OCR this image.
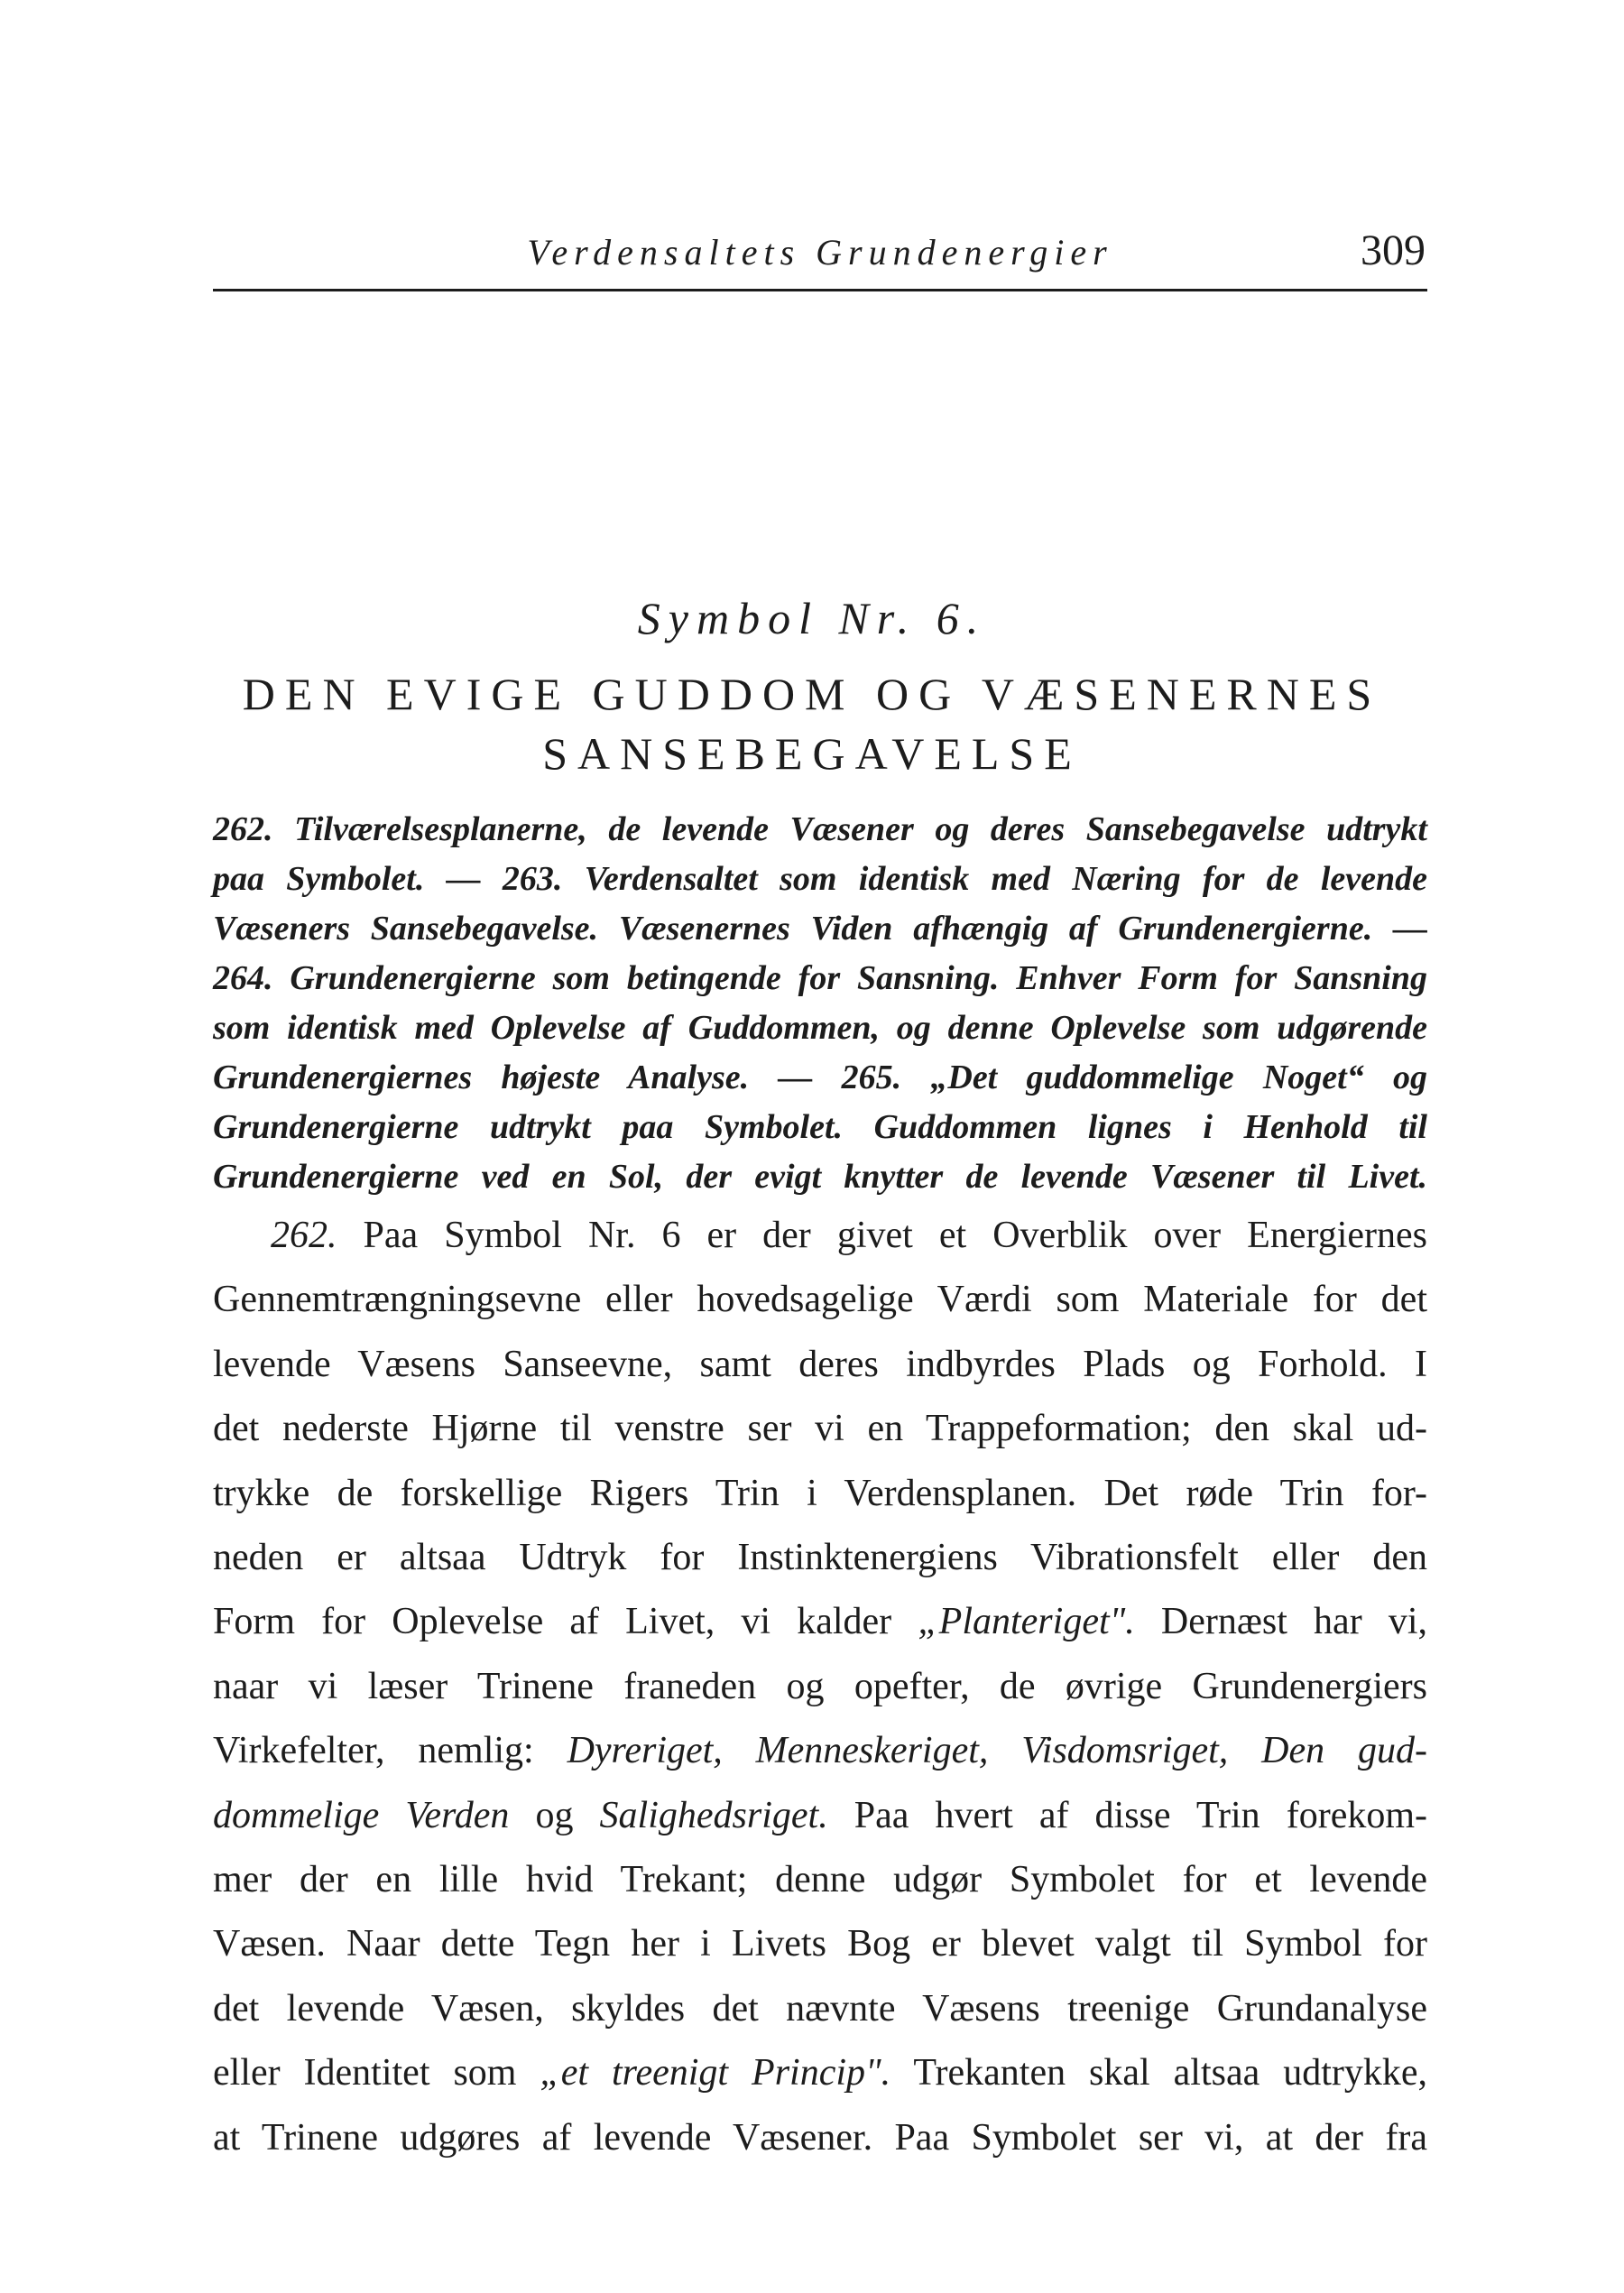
Verdensaltets Grundenergier	309
Symbol Nr. 6.
DEN EVIGE GUDDOM OG VÆSENERNES
SANSEBEGAVELSE
262. Tilværelsesplanerne, de levende Væsener og deres Sansebegavelse udtrykt
paa Symbolet. — 263. Verdensaltet som identisk med Næring for de levende
Væseners Sansebegavelse. Væsenernes Viden afhængig af Grundenergierne. —
264. Grundenergierne som betingende for Sansning. Enhver Form for Sansning
som identisk med Oplevelse af Guddommen, og denne Oplevelse som udgørende
Grundenergiernes højeste Analyse. — 265. „Det guddommelige Noget“ og
Grundenergierne udtrykt paa Symbolet. Guddommen lignes i Henhold til
Grundenergierne ved en Sol, der evigt knytter de levende Væsener til Livet.
262. Paa Symbol Nr. 6 er der givet et Overblik over Energiernes
Gennemtrængningsevne eller hovedsagelige Værdi som Materiale for det
levende Væsens Sanseevne, samt deres indbyrdes Plads og Forhold. I
det nederste Hjørne til venstre ser vi en Trappeformation; den skal ud-
trykke de forskellige Rigers Trin i Verdensplanen. Det røde Trin for-
neden er altsaa Udtryk for Instinktenergiens Vibrationsfelt eller den
Form for Oplevelse af Livet, vi kalder „Planteriget". Dernæst har vi,
naar vi læser Trinene franeden og opefter, de øvrige Grundenergiers
Virkefelter, nemlig: Dyreriget, Menneskeriget, Visdomsriget, Den gud-
dommelige Verden og Salighedsriget. Paa hvert af disse Trin forekom-
mer der en lille hvid Trekant; denne udgør Symbolet for et levende
Væsen. Naar dette Tegn her i Livets Bog er blevet valgt til Symbol for
det levende Væsen, skyldes det nævnte Væsens treenige Grundanalyse
eller Identitet som „et treenigt Princip". Trekanten skal altsaa udtrykke,
at Trinene udgøres af levende Væsener. Paa Symbolet ser vi, at der fra
